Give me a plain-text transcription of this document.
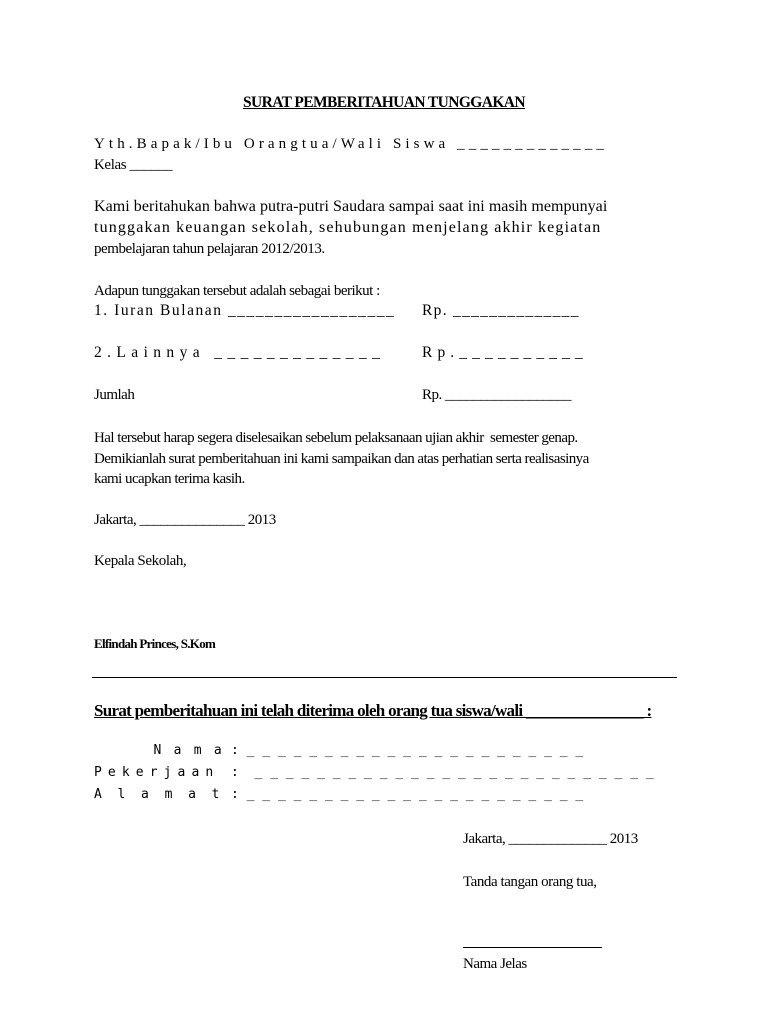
SURAT PEMBERITAHUAN TUNGGAKAN
Yth.Bapak/Ibu Orangtua/Wali Siswa _____________
Kelas ______
Kami beritahukan bahwa putra-putri Saudara sampai saat ini masih mempunyai
tunggakan keuangan sekolah, sehubungan menjelang akhir kegiatan
pembelajaran tahun pelajaran 2012/2013.
Adapun tunggakan tersebut adalah sebagai berikut :
1. Iuran Bulanan __________________ Rp. ______________
2.Lainnya _____________ Rp.__________
Jumlah	Rp. __________________
Hal tersebut harap segera diselesaikan sebelum pelaksanaan ujian akhir  semester genap.
Demikianlah surat pemberitahuan ini kami sampaikan dan atas perhatian serta realisasinya
kami ucapkan terima kasih.
Jakarta, _______________ 2013
Kepala Sekolah,
Elfindah Princes, S.Kom
Surat pemberitahuan ini telah diterima oleh orang tua siswa/wali _______________ :
Nama
: _ _ _ _ _ _ _ _ _ _ _ _ _ _ _ _ _ _ _ _ _ _
Pekerjaan :  _ _ _ _ _ _ _ _ _ _ _ _ _ _ _ _ _ _ _ _ _ _ _ _ _ _
Alamat
: _ _ _ _ _ _ _ _ _ _ _ _ _ _ _ _ _ _ _ _ _ _
Jakarta, ______________ 2013
Tanda tangan orang tua,
Nama Jelas
